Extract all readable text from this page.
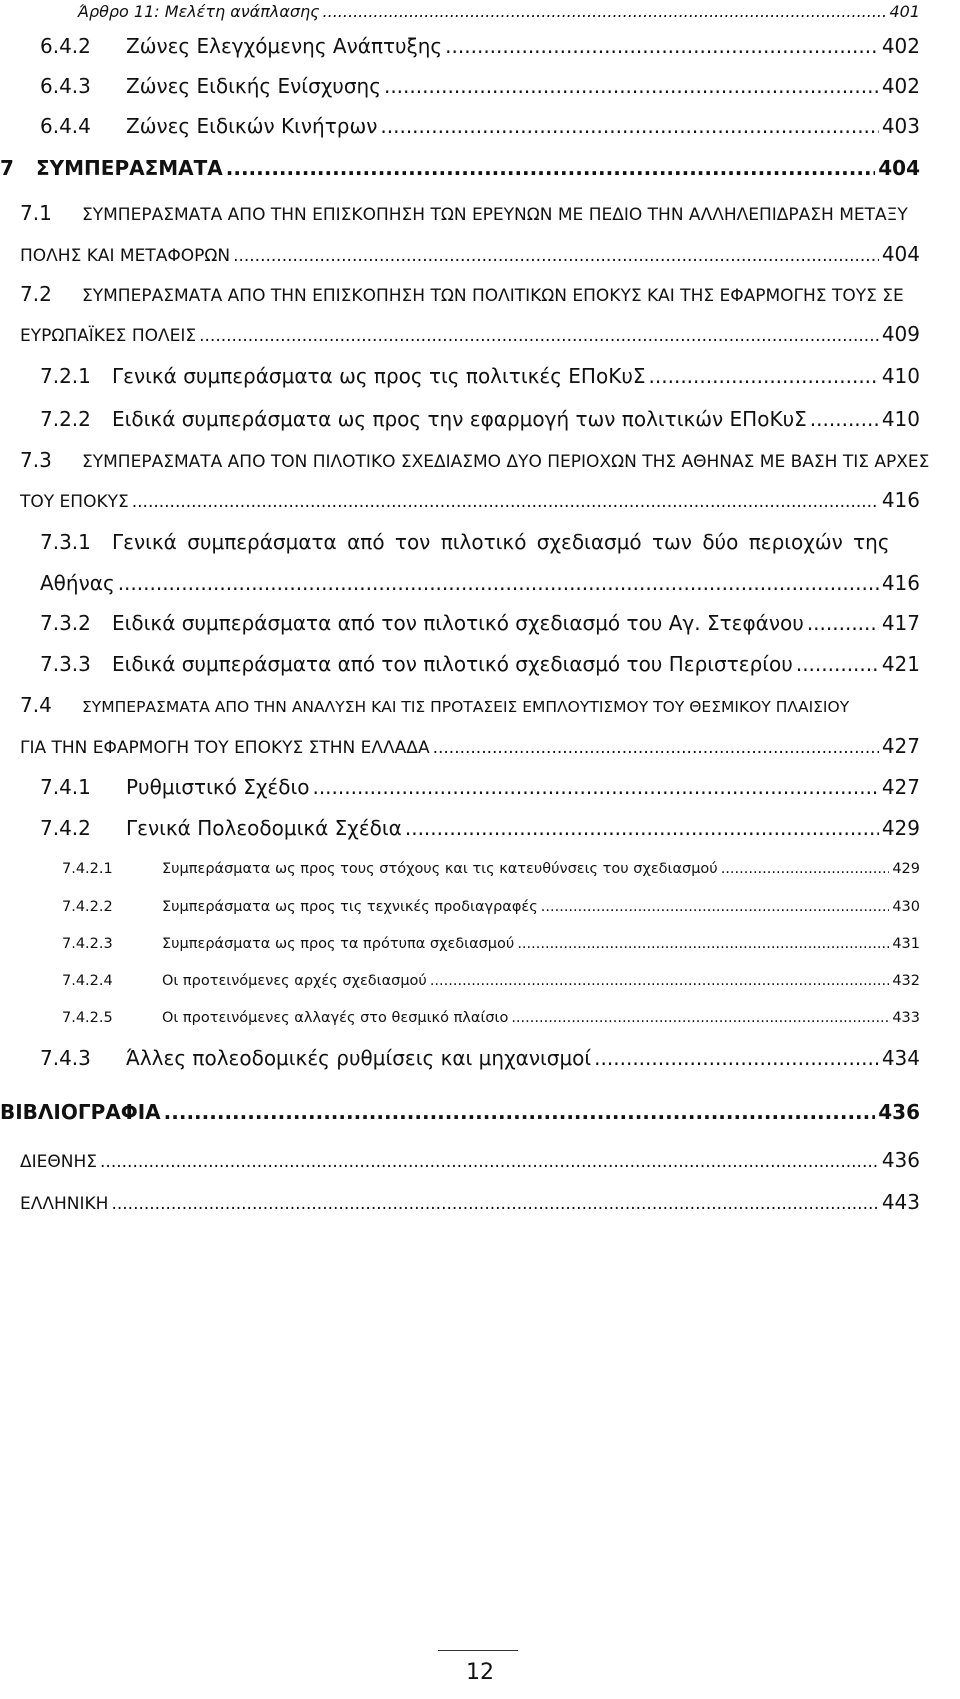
Άρθρο 11: Μελέτη ανάπλασης .....	401
6.4.2	Ζώνες Ελεγχόμενης Ανάπτυξης .....	402
6.4.3	Ζώνες Ειδικής Ενίσχυσης .....	402
6.4.4	Ζώνες Ειδικών Κινήτρων .....	403
7	ΣΥΜΠΕΡΑΣΜΑΤΑ .....	404
7.1 ΣΥΜΠΕΡΑΣΜΑΤΑ ΑΠΟ ΤΗΝ ΕΠΙΣΚΟΠΗΣΗ ΤΩΝ ΕΡΕΥΝΩΝ ΜΕ ΠΕΔΙΟ ΤΗΝ ΑΛΛΗΛΕΠΙΔΡΑΣΗ ΜΕΤΑΞΥ
ΠΟΛΗΣ ΚΑΙ ΜΕΤΑΦΟΡΩΝ .....	404
7.2 ΣΥΜΠΕΡΑΣΜΑΤΑ ΑΠΟ ΤΗΝ ΕΠΙΣΚΟΠΗΣΗ ΤΩΝ ΠΟΛΙΤΙΚΩΝ ΕΠΟΚΥΣ ΚΑΙ ΤΗΣ ΕΦΑΡΜΟΓΗΣ ΤΟΥΣ ΣΕ
ΕΥΡΩΠΑΪΚΕΣ ΠΟΛΕΙΣ .....	409
7.2.1	Γενικά συμπεράσματα ως προς τις πολιτικές ΕΠοΚυΣ .....	410
7.2.2	Ειδικά συμπεράσματα ως προς την εφαρμογή των πολιτικών ΕΠοΚυΣ .....	410
7.3 ΣΥΜΠΕΡΑΣΜΑΤΑ ΑΠΟ ΤΟΝ ΠΙΛΟΤΙΚΟ ΣΧΕΔΙΑΣΜΟ ΔΥΟ ΠΕΡΙΟΧΩΝ ΤΗΣ ΑΘΗΝΑΣ ΜΕ ΒΑΣΗ ΤΙΣ ΑΡΧΕΣ
ΤΟΥ ΕΠΟΚΥΣ .....	416
7.3.1 Γενικά συμπεράσματα από τον πιλοτικό σχεδιασμό των δύο περιοχών της
Αθήνας .....	416
7.3.2	Ειδικά συμπεράσματα από τον πιλοτικό σχεδιασμό του Αγ. Στεφάνου .....	417
7.3.3	Ειδικά συμπεράσματα από τον πιλοτικό σχεδιασμό του Περιστερίου .....	421
7.4 ΣΥΜΠΕΡΑΣΜΑΤΑ ΑΠΟ ΤΗΝ ΑΝΑΛΥΣΗ ΚΑΙ ΤΙΣ ΠΡΟΤΑΣΕΙΣ ΕΜΠΛΟΥΤΙΣΜΟΥ ΤΟΥ ΘΕΣΜΙΚΟΥ ΠΛΑΙΣΙΟΥ
ΓΙΑ ΤΗΝ ΕΦΑΡΜΟΓΗ ΤΟΥ ΕΠΟΚΥΣ ΣΤΗΝ ΕΛΛΑΔΑ .....	427
7.4.1	Ρυθμιστικό Σχέδιο .....	427
7.4.2	Γενικά Πολεοδομικά Σχέδια .....	429
7.4.2.1	Συμπεράσματα ως προς τους στόχους και τις κατευθύνσεις του σχεδιασμού .....	429
7.4.2.2	Συμπεράσματα ως προς τις τεχνικές προδιαγραφές .....	430
7.4.2.3	Συμπεράσματα ως προς τα πρότυπα σχεδιασμού .....	431
7.4.2.4	Οι προτεινόμενες αρχές σχεδιασμού .....	432
7.4.2.5	Οι προτεινόμενες αλλαγές στο θεσμικό πλαίσιο .....	433
7.4.3	Άλλες πολεοδομικές ρυθμίσεις και μηχανισμοί .....	434
ΒΙΒΛΙΟΓΡΑΦΙΑ .....	436
ΔΙΕΘΝΗΣ .....	436
ΕΛΛΗΝΙΚΗ .....	443
12
